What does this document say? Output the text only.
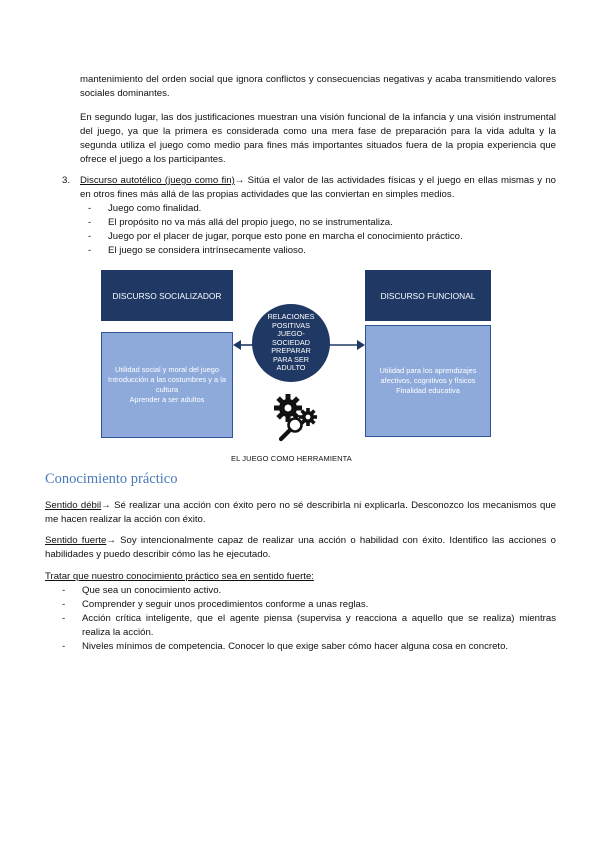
mantenimiento del orden social que ignora conflictos y consecuencias negativas y acaba transmitiendo valores sociales dominantes.

En segundo lugar, las dos justificaciones muestran una visión funcional de la infancia y una visión instrumental del juego, ya que la primera es considerada como una mera fase de preparación para la vida adulta y la segunda utiliza el juego como medio para fines más importantes situados fuera de la propia experiencia que ofrece el juego a los participantes.

3. Discurso autotélico (juego como fin)→ Sitúa el valor de las actividades físicas y el juego en ellas mismas y no en otros fines más allá de las propias actividades que las conviertan en simples medios.

- Juego como finalidad.
- El propósito no va más allá del propio juego, no se instrumentaliza.
- Juego por el placer de jugar, porque esto pone en marcha el conocimiento práctico.
- El juego se considera intrínsecamente valioso.
DISCURSO SOCIALIZADOR
Utilidad social y moral del juego
Introducción a las costumbres y a la cultura
Aprender a ser adultos
DISCURSO FUNCIONAL
Utilidad para los aprendizajes afectivos, cognitivos y físicos
Finalidad educativa
RELACIONES
POSITIVAS
JUEGO-
SOCIEDAD
PREPARAR
PARA SER
ADULTO
EL JUEGO COMO HERRAMIENTA
Conocimiento práctico

Sentido débil→ Sé realizar una acción con éxito pero no sé describirla ni explicarla. Desconozco los mecanismos que me hacen realizar la acción con éxito.

Sentido fuerte→ Soy intencionalmente capaz de realizar una acción o habilidad con éxito. Identifico las acciones o habilidades y puedo describir cómo las he ejecutado.

Tratar que nuestro conocimiento práctico sea en sentido fuerte:

- Que sea un conocimiento activo.
- Comprender y seguir unos procedimientos conforme a unas reglas.
- Acción crítica inteligente, que el agente piensa (supervisa y reacciona a aquello que se realiza) mientras realiza la acción.
- Niveles mínimos de competencia. Conocer lo que exige saber cómo hacer alguna cosa en concreto.
